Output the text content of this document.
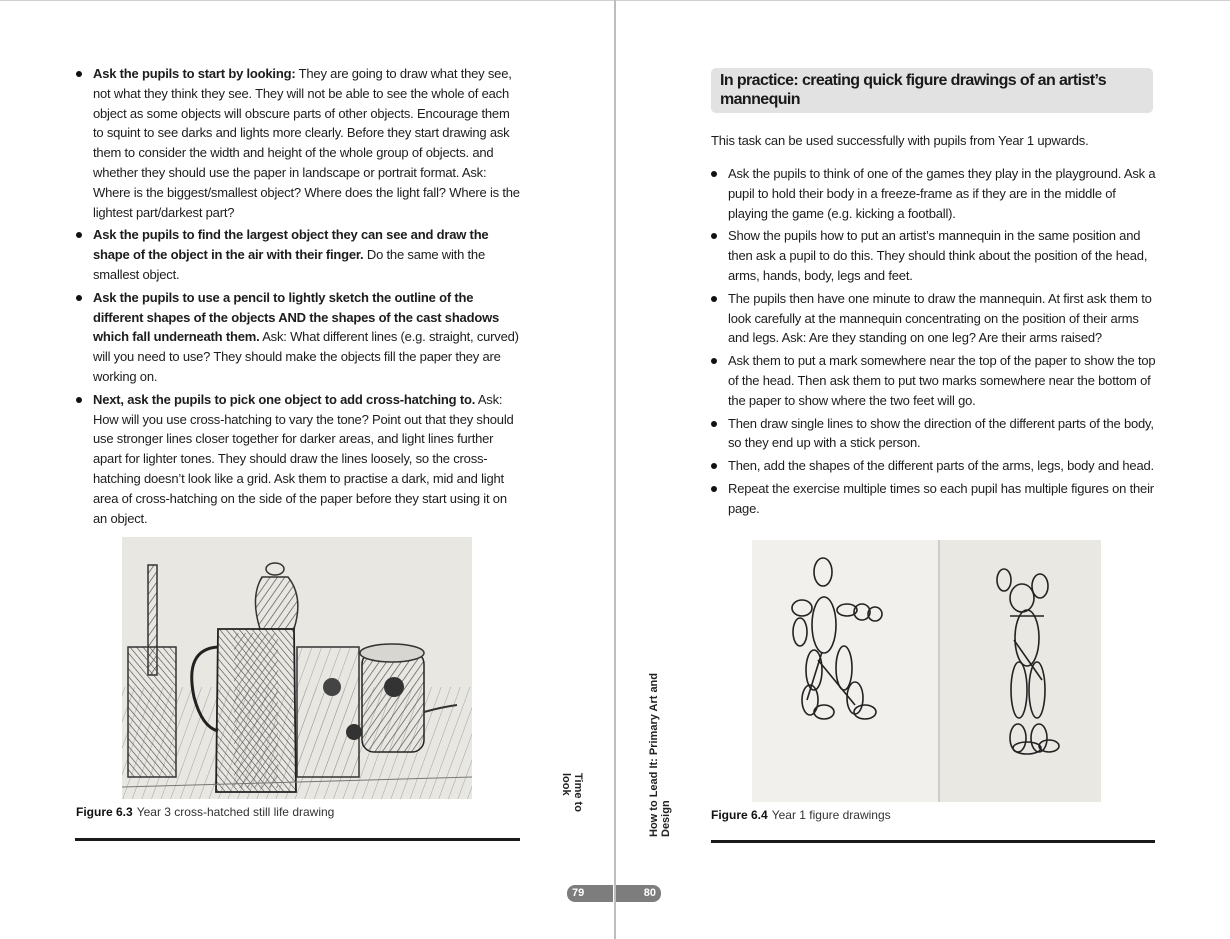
Ask the pupils to start by looking: They are going to draw what they see, not what they think they see. They will not be able to see the whole of each object as some objects will obscure parts of other objects. Encourage them to squint to see darks and lights more clearly. Before they start drawing ask them to consider the width and height of the whole group of objects. and whether they should use the paper in landscape or portrait format. Ask: Where is the biggest/smallest object? Where does the light fall? Where is the lightest part/darkest part?
Ask the pupils to find the largest object they can see and draw the shape of the object in the air with their finger. Do the same with the smallest object.
Ask the pupils to use a pencil to lightly sketch the outline of the different shapes of the objects AND the shapes of the cast shadows which fall underneath them. Ask: What different lines (e.g. straight, curved) will you need to use? They should make the objects fill the paper they are working on.
Next, ask the pupils to pick one object to add cross-hatching to. Ask: How will you use cross-hatching to vary the tone? Point out that they should use stronger lines closer together for darker areas, and light lines further apart for lighter tones. They should draw the lines loosely, so the cross-hatching doesn’t look like a grid. Ask them to practise a dark, mid and light area of cross-hatching on the side of the paper before they start using it on an object.
Figure 6.3 Year 3 cross-hatched still life drawing
Time to look
79
In practice: creating quick figure drawings of an artist’s mannequin
This task can be used successfully with pupils from Year 1 upwards.
Ask the pupils to think of one of the games they play in the playground. Ask a pupil to hold their body in a freeze-frame as if they are in the middle of playing the game (e.g. kicking a football).
Show the pupils how to put an artist’s mannequin in the same position and then ask a pupil to do this. They should think about the position of the head, arms, hands, body, legs and feet.
The pupils then have one minute to draw the mannequin. At first ask them to look carefully at the mannequin concentrating on the position of their arms and legs. Ask: Are they standing on one leg? Are their arms raised?
Ask them to put a mark somewhere near the top of the paper to show the top of the head. Then ask them to put two marks somewhere near the bottom of the paper to show where the two feet will go.
Then draw single lines to show the direction of the different parts of the body, so they end up with a stick person.
Then, add the shapes of the different parts of the arms, legs, body and head.
Repeat the exercise multiple times so each pupil has multiple figures on their page.
Figure 6.4 Year 1 figure drawings
How to Lead It: Primary Art and Design
80
